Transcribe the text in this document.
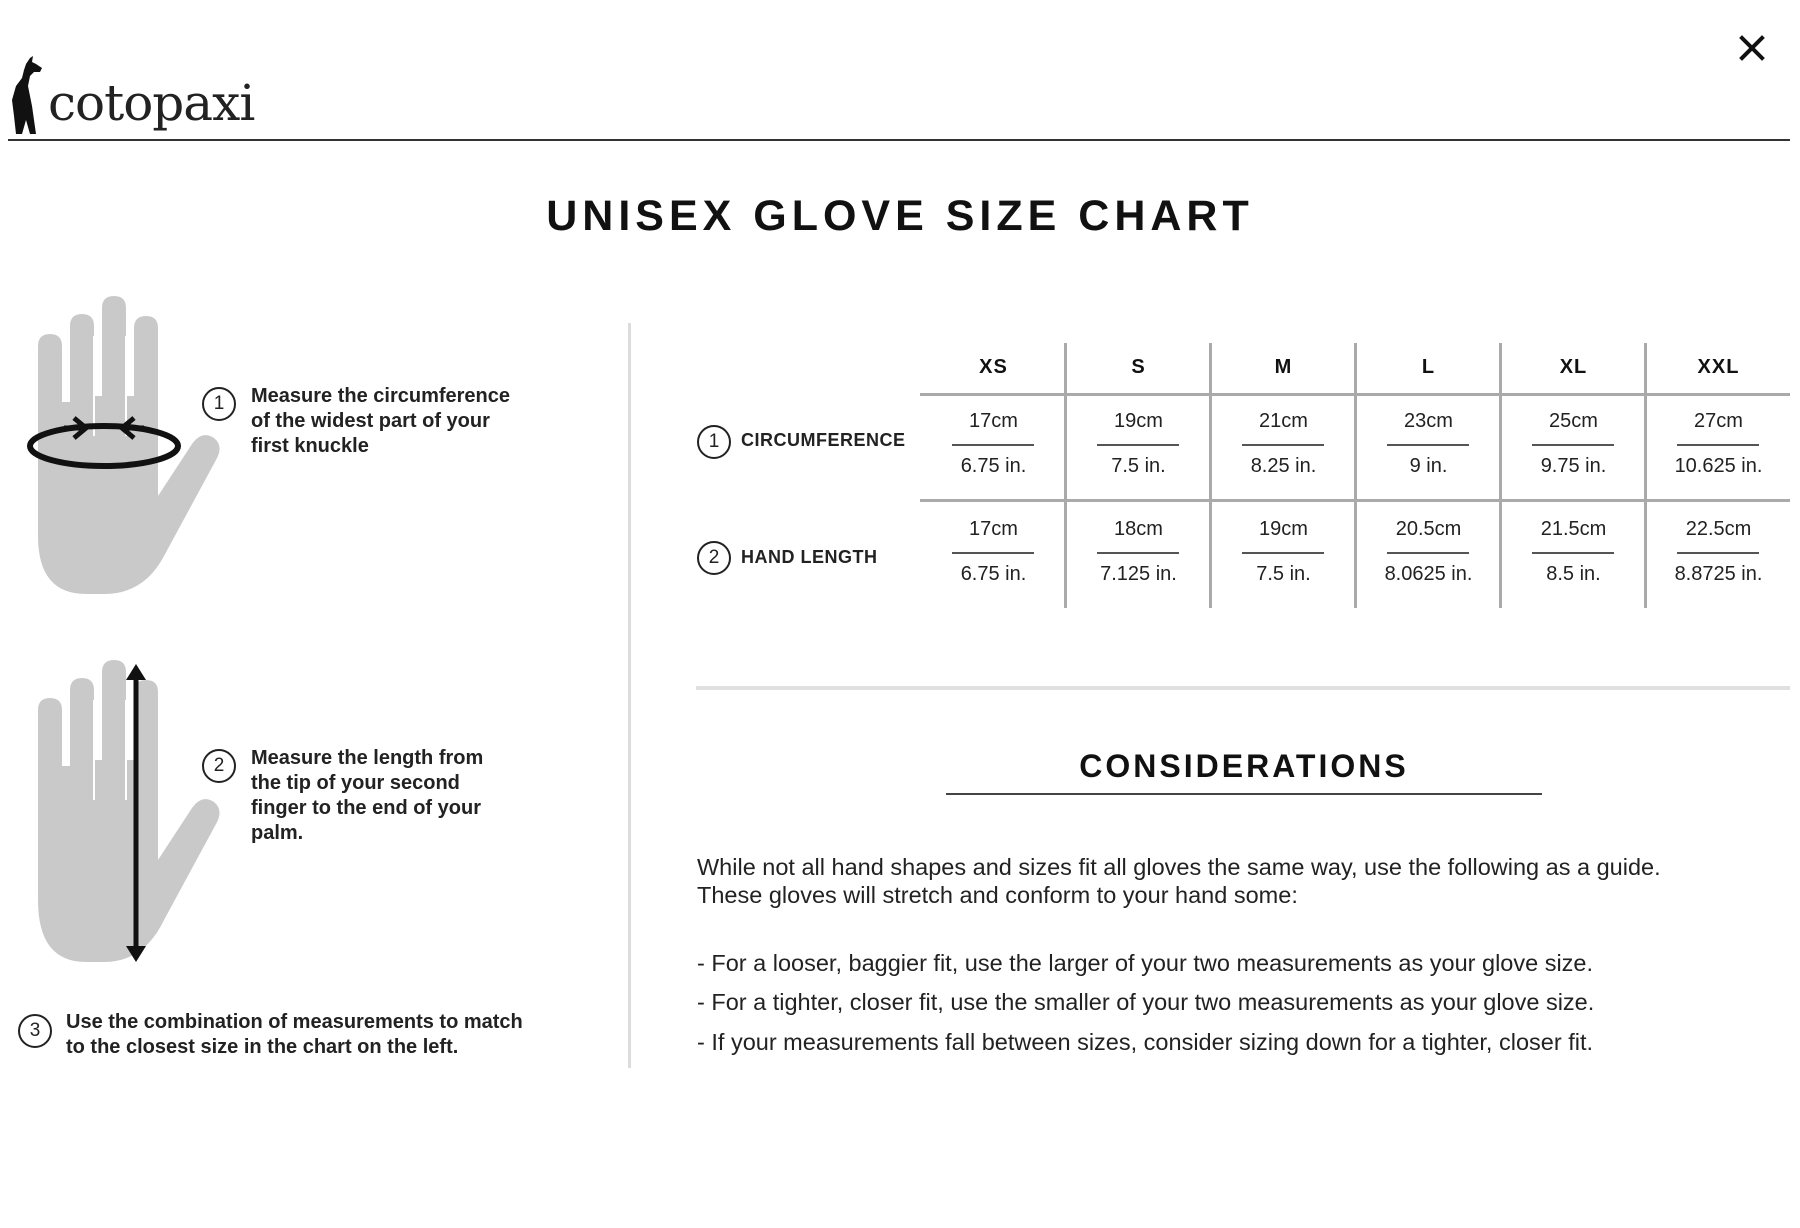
cotopaxi
UNISEX GLOVE SIZE CHART
1	Measure the circumference
of the widest part of your
first knuckle
2	Measure the length from
the tip of your second
finger to the end of your
palm.
3	Use the combination of measurements to match
to the closest size in the chart on the left.
XS	S	M	L	XL	XXL
1	CIRCUMFERENCE
17cm	19cm	21cm	23cm	25cm	27cm
6.75 in.	7.5 in.	8.25 in.	9 in.	9.75 in.	10.625 in.
2	HAND LENGTH
17cm	18cm	19cm	20.5cm	21.5cm	22.5cm
6.75 in.	7.125 in.	7.5 in.	8.0625 in.	8.5 in.	8.8725 in.
CONSIDERATIONS
While not all hand shapes and sizes fit all gloves the same way, use the following as a guide.
These gloves will stretch and conform to your hand some:
- For a looser, baggier fit, use the larger of your two measurements as your glove size.
- For a tighter, closer fit, use the smaller of your two measurements as your glove size.
- If your measurements fall between sizes, consider sizing down for a tighter, closer fit.
